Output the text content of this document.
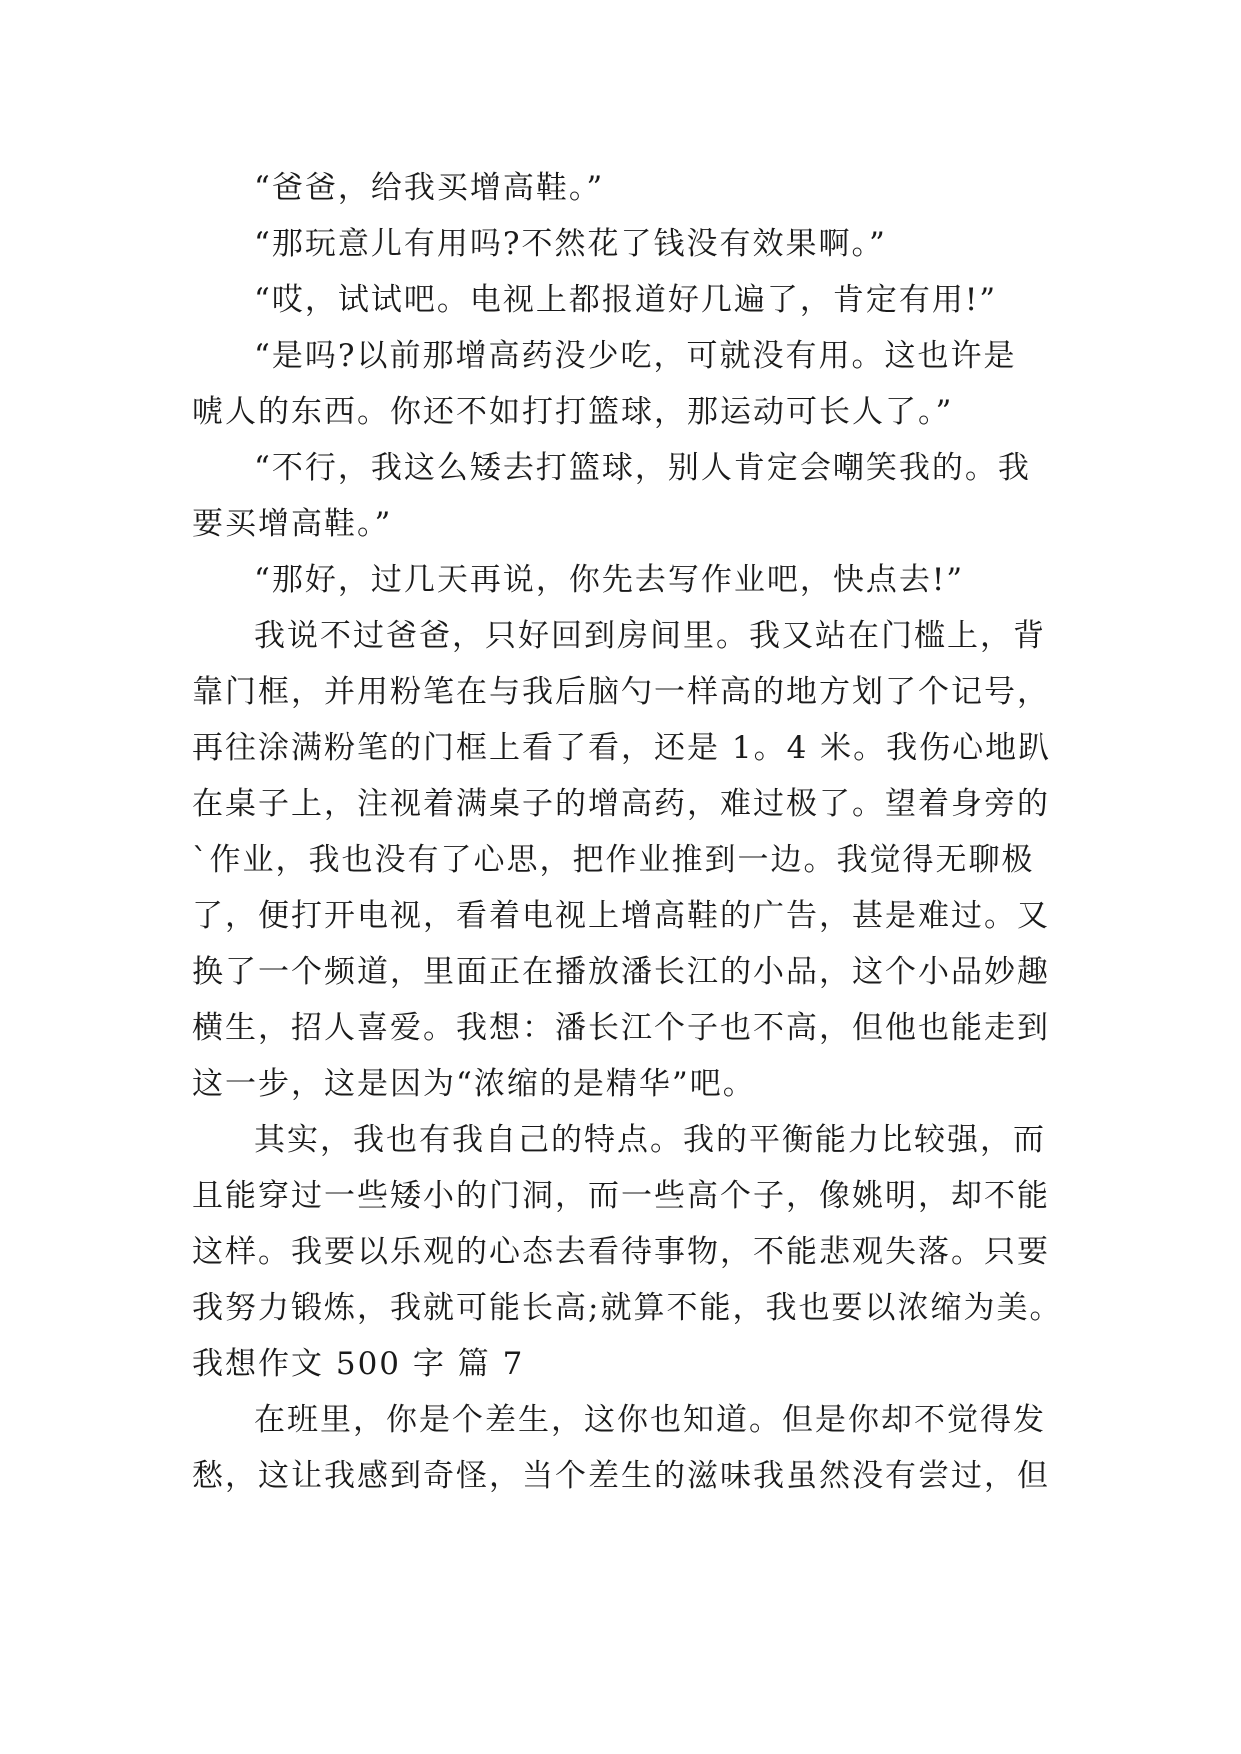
“爸爸，给我买增高鞋。”
“那玩意儿有用吗?不然花了钱没有效果啊。”
“哎，试试吧。电视上都报道好几遍了，肯定有用!”
“是吗?以前那增高药没少吃，可就没有用。这也许是
唬人的东西。你还不如打打篮球，那运动可长人了。”
“不行，我这么矮去打篮球，别人肯定会嘲笑我的。我
要买增高鞋。”
“那好，过几天再说，你先去写作业吧，快点去!”
我说不过爸爸，只好回到房间里。我又站在门槛上，背
靠门框，并用粉笔在与我后脑勺一样高的地方划了个记号，
再往涂满粉笔的门框上看了看，还是 1。4 米。我伤心地趴
在桌子上，注视着满桌子的增高药，难过极了。望着身旁的
`作业，我也没有了心思，把作业推到一边。我觉得无聊极
了，便打开电视，看着电视上增高鞋的广告，甚是难过。又
换了一个频道，里面正在播放潘长江的小品，这个小品妙趣
横生，招人喜爱。我想：潘长江个子也不高，但他也能走到
这一步，这是因为“浓缩的是精华”吧。
其实，我也有我自己的特点。我的平衡能力比较强，而
且能穿过一些矮小的门洞，而一些高个子，像姚明，却不能
这样。我要以乐观的心态去看待事物，不能悲观失落。只要
我努力锻炼，我就可能长高;就算不能，我也要以浓缩为美。
我想作文 500 字 篇 7
在班里，你是个差生，这你也知道。但是你却不觉得发
愁，这让我感到奇怪，当个差生的滋味我虽然没有尝过，但
